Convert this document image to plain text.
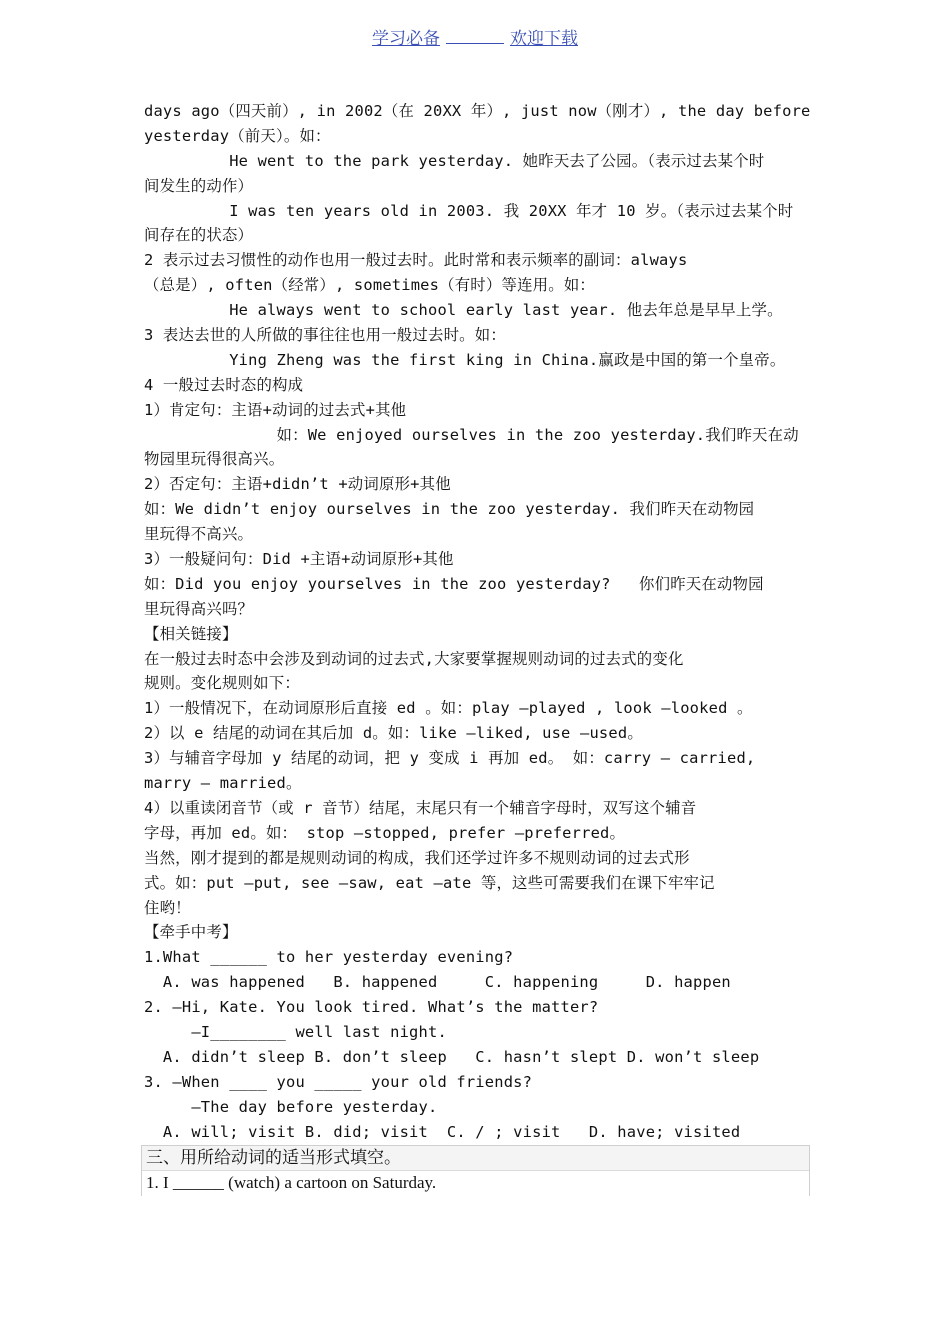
学习必备	欢迎下载
days ago（四天前）, in 2002（在 20XX 年）, just now（刚才）, the day before
yesterday（前天）。如：
He went to the park yesterday. 她昨天去了公园。（表示过去某个时
间发生的动作）
I was ten years old in 2003. 我 20XX 年才 10 岁。（表示过去某个时
间存在的状态）
2 表示过去习惯性的动作也用一般过去时。此时常和表示频率的副词：always
（总是）, often（经常）, sometimes（有时）等连用。如：
He always went to school early last year. 他去年总是早早上学。
3 表达去世的人所做的事往往也用一般过去时。如：
Ying Zheng was the first king in China.赢政是中国的第一个皇帝。
4 一般过去时态的构成
1）肯定句：主语+动词的过去式+其他
如：We enjoyed ourselves in the zoo yesterday.我们昨天在动
物园里玩得很高兴。
2）否定句：主语+didn’t +动词原形+其他
如：We didn’t enjoy ourselves in the zoo yesterday. 我们昨天在动物园
里玩得不高兴。
3）一般疑问句：Did +主语+动词原形+其他
如：Did you enjoy yourselves in the zoo yesterday?   你们昨天在动物园
里玩得高兴吗？
【相关链接】
在一般过去时态中会涉及到动词的过去式,大家要掌握规则动词的过去式的变化
规则。变化规则如下：
1）一般情况下，在动词原形后直接 ed 。如：play –played , look –looked 。
2）以 e 结尾的动词在其后加 d。如：like –liked, use –used。
3）与辅音字母加 y 结尾的动词，把 y 变成 i 再加 ed。 如：carry – carried,
marry – married。
4）以重读闭音节（或 r 音节）结尾，末尾只有一个辅音字母时，双写这个辅音
字母，再加 ed。如： stop –stopped, prefer –preferred。
当然，刚才提到的都是规则动词的构成，我们还学过许多不规则动词的过去式形
式。如：put –put, see –saw, eat –ate 等，这些可需要我们在课下牢牢记
住哟！
【牵手中考】
1.What ______ to her yesterday evening?
A. was happened   B. happened     C. happening     D. happen
2. —Hi, Kate. You look tired. What’s the matter?
—I________ well last night.
A. didn’t sleep B. don’t sleep   C. hasn’t slept D. won’t sleep
3. —When ____ you _____ your old friends?
—The day before yesterday.
A. will; visit B. did; visit  C. / ; visit   D. have; visited
三、用所给动词的适当形式填空。
1. I ______ (watch) a cartoon on Saturday.
